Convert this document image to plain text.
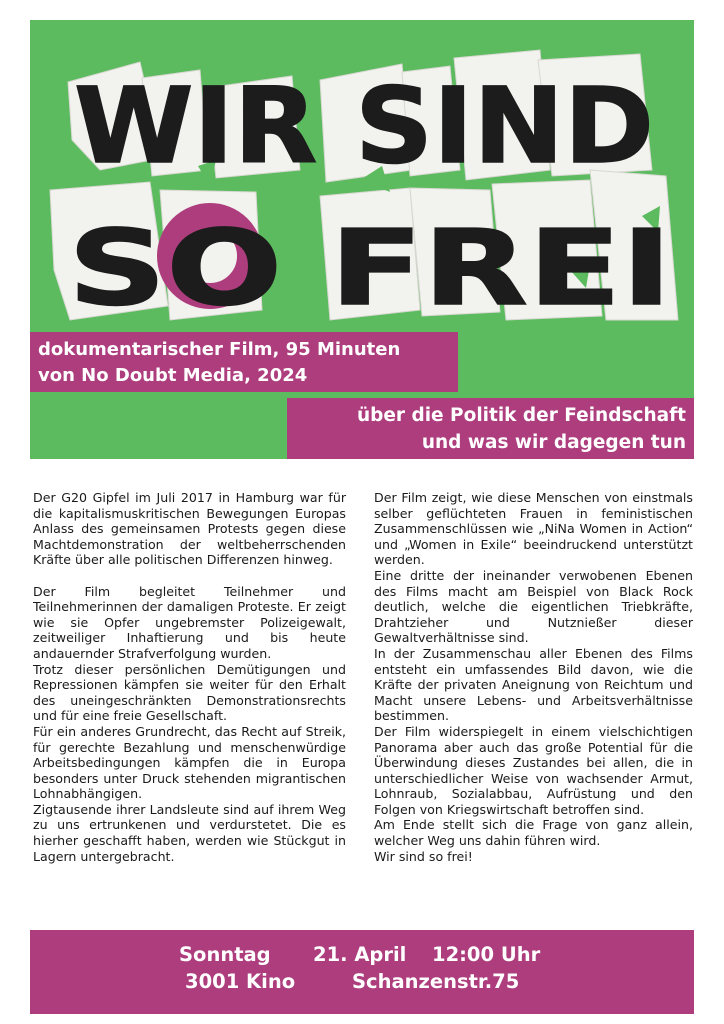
WIR SIND
SO FREI
dokumentarischer Film, 95 Minuten
von No Doubt Media, 2024
über die Politik der Feindschaft
und was wir dagegen tun

Der G20 Gipfel im Juli 2017 in Hamburg war für die kapitalismuskritischen Bewegungen Europas Anlass des gemeinsamen Protests gegen diese Machtdemonstration der weltbeherrschenden Kräfte über alle politischen Differenzen hinweg.

Der Film begleitet Teilnehmer und Teilnehmerinnen der damaligen Proteste. Er zeigt wie sie Opfer ungebremster Polizeigewalt, zeitweiliger Inhaftierung und bis heute andauernder Strafverfolgung wurden.

Trotz dieser persönlichen Demütigungen und Repressionen kämpfen sie weiter für den Erhalt des uneingeschränkten Demonstrationsrechts und für eine freie Gesellschaft.

Für ein anderes Grundrecht, das Recht auf Streik, für gerechte Bezahlung und menschenwürdige Arbeitsbedingungen kämpfen die in Europa besonders unter Druck stehenden migrantischen Lohnabhängigen.

Zigtausende ihrer Landsleute sind auf ihrem Weg zu uns ertrunkenen und verdurstetet. Die es hierher geschafft haben, werden wie Stückgut in Lagern untergebracht.

Der Film zeigt, wie diese Menschen von einstmals selber geflüchteten Frauen in feministischen Zusammenschlüssen wie „NiNa Women in Action“ und „Women in Exile“ beeindruckend unterstützt werden.

Eine dritte der ineinander verwobenen Ebenen des Films macht am Beispiel von Black Rock deutlich, welche die eigentlichen Triebkräfte, Drahtzieher und Nutznießer dieser Gewaltverhältnisse sind.

In der Zusammenschau aller Ebenen des Films entsteht ein umfassendes Bild davon, wie die Kräfte der privaten Aneignung von Reichtum und Macht unsere Lebens- und Arbeitsverhältnisse bestimmen.

Der Film widerspiegelt in einem vielschichtigen Panorama aber auch das große Potential für die Überwindung dieses Zustandes bei allen, die in unterschiedlicher Weise von wachsender Armut, Lohnraub, Sozialabbau, Aufrüstung und den Folgen von Kriegswirtschaft betroffen sind.

Am Ende stellt sich die Frage von ganz allein, welcher Weg uns dahin führen wird.

Wir sind so frei!

Sonntag 21. April 12:00 Uhr
3001 Kino	Schanzenstr.75
